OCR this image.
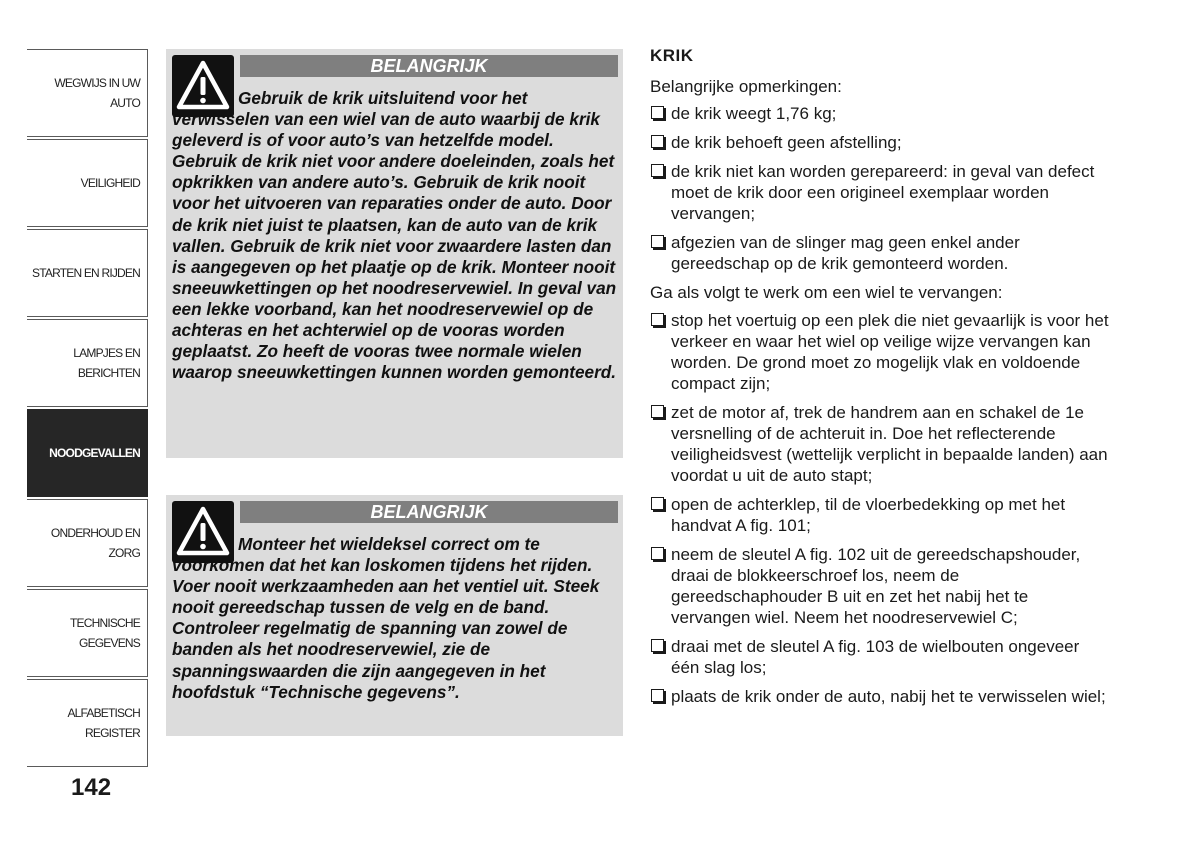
WEGWIJS IN UW
AUTO
VEILIGHEID
STARTEN EN RIJDEN
LAMPJES EN
BERICHTEN
NOODGEVALLEN
ONDERHOUD EN
ZORG
TECHNISCHE
GEGEVENS
ALFABETISCH
REGISTER
142
BELANGRIJK
Gebruik de krik uitsluitend voor het verwisselen van een wiel van de auto waarbij de krik geleverd is of voor auto’s van hetzelfde model. Gebruik de krik niet voor andere doeleinden, zoals het opkrikken van andere auto’s. Gebruik de krik nooit voor het uitvoeren van reparaties onder de auto. Door de krik niet juist te plaatsen, kan de auto van de krik vallen. Gebruik de krik niet voor zwaardere lasten dan is aangegeven op het plaatje op de krik. Monteer nooit sneeuwkettingen op het noodreservewiel. In geval van een lekke voorband, kan het noodreservewiel op de achteras en het achterwiel op de vooras worden geplaatst. Zo heeft de vooras twee normale wielen waarop sneeuwkettingen kunnen worden gemonteerd.
BELANGRIJK
Monteer het wieldeksel correct om te voorkomen dat het kan loskomen tijdens het rijden. Voer nooit werkzaamheden aan het ventiel uit. Steek nooit gereedschap tussen de velg en de band. Controleer regelmatig de spanning van zowel de banden als het noodreservewiel, zie de spanningswaarden die zijn aangegeven in het hoofdstuk “Technische gegevens”.
KRIK
Belangrijke opmerkingen:
de krik weegt 1,76 kg;
de krik behoeft geen afstelling;
de krik niet kan worden gerepareerd: in geval van defect moet de krik door een origineel exemplaar worden vervangen;
afgezien van de slinger mag geen enkel ander gereedschap op de krik gemonteerd worden.
Ga als volgt te werk om een wiel te vervangen:
stop het voertuig op een plek die niet gevaarlijk is voor het verkeer en waar het wiel op veilige wijze vervangen kan worden. De grond moet zo mogelijk vlak en voldoende compact zijn;
zet de motor af, trek de handrem aan en schakel de 1e versnelling of de achteruit in. Doe het reflecterende veiligheidsvest (wettelijk verplicht in bepaalde landen) aan voordat u uit de auto stapt;
open de achterklep, til de vloerbedekking op met het handvat A fig. 101;
neem de sleutel A fig. 102 uit de gereedschapshouder, draai de blokkeerschroef los, neem de gereedschaphouder B uit en zet het nabij het te vervangen wiel. Neem het noodreservewiel C;
draai met de sleutel A fig. 103 de wielbouten ongeveer één slag los;
plaats de krik onder de auto, nabij het te verwisselen wiel;
